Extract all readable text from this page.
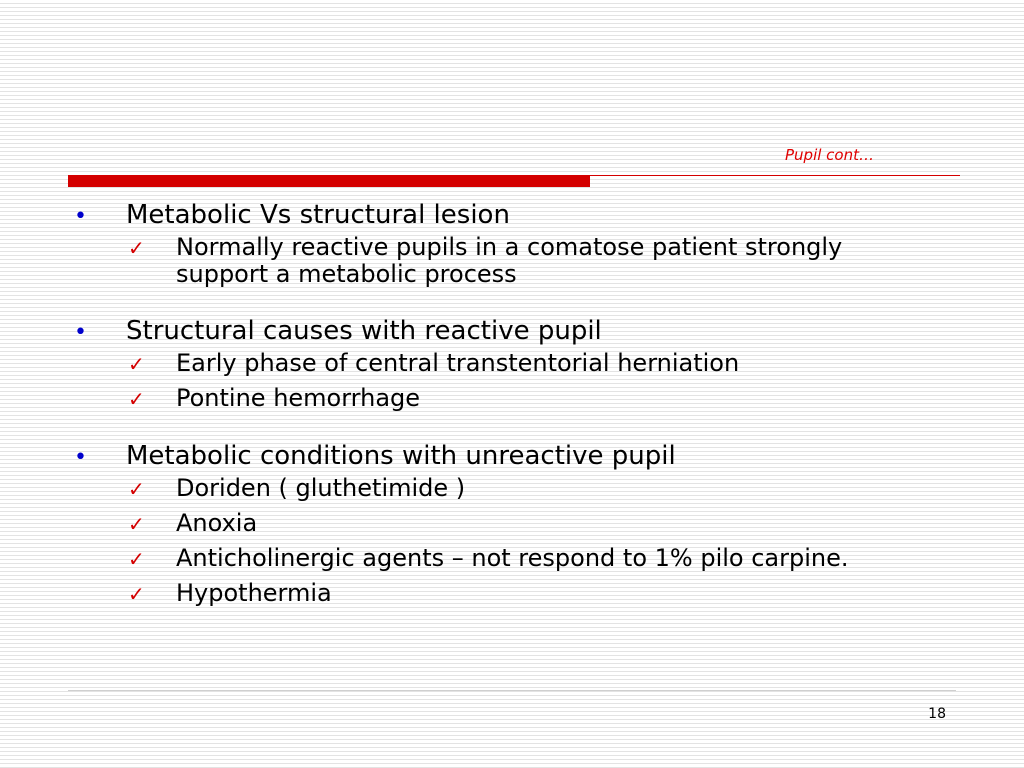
Pupil cont…
•	Metabolic Vs structural lesion
✓	Normally reactive pupils in a comatose patient strongly support a metabolic process
•	Structural causes with reactive pupil
✓	Early phase of central transtentorial herniation
✓	Pontine hemorrhage
•	Metabolic conditions with unreactive pupil
✓	Doriden ( gluthetimide )
✓	Anoxia
✓	Anticholinergic agents – not respond to 1% pilo carpine.
✓	Hypothermia
18
